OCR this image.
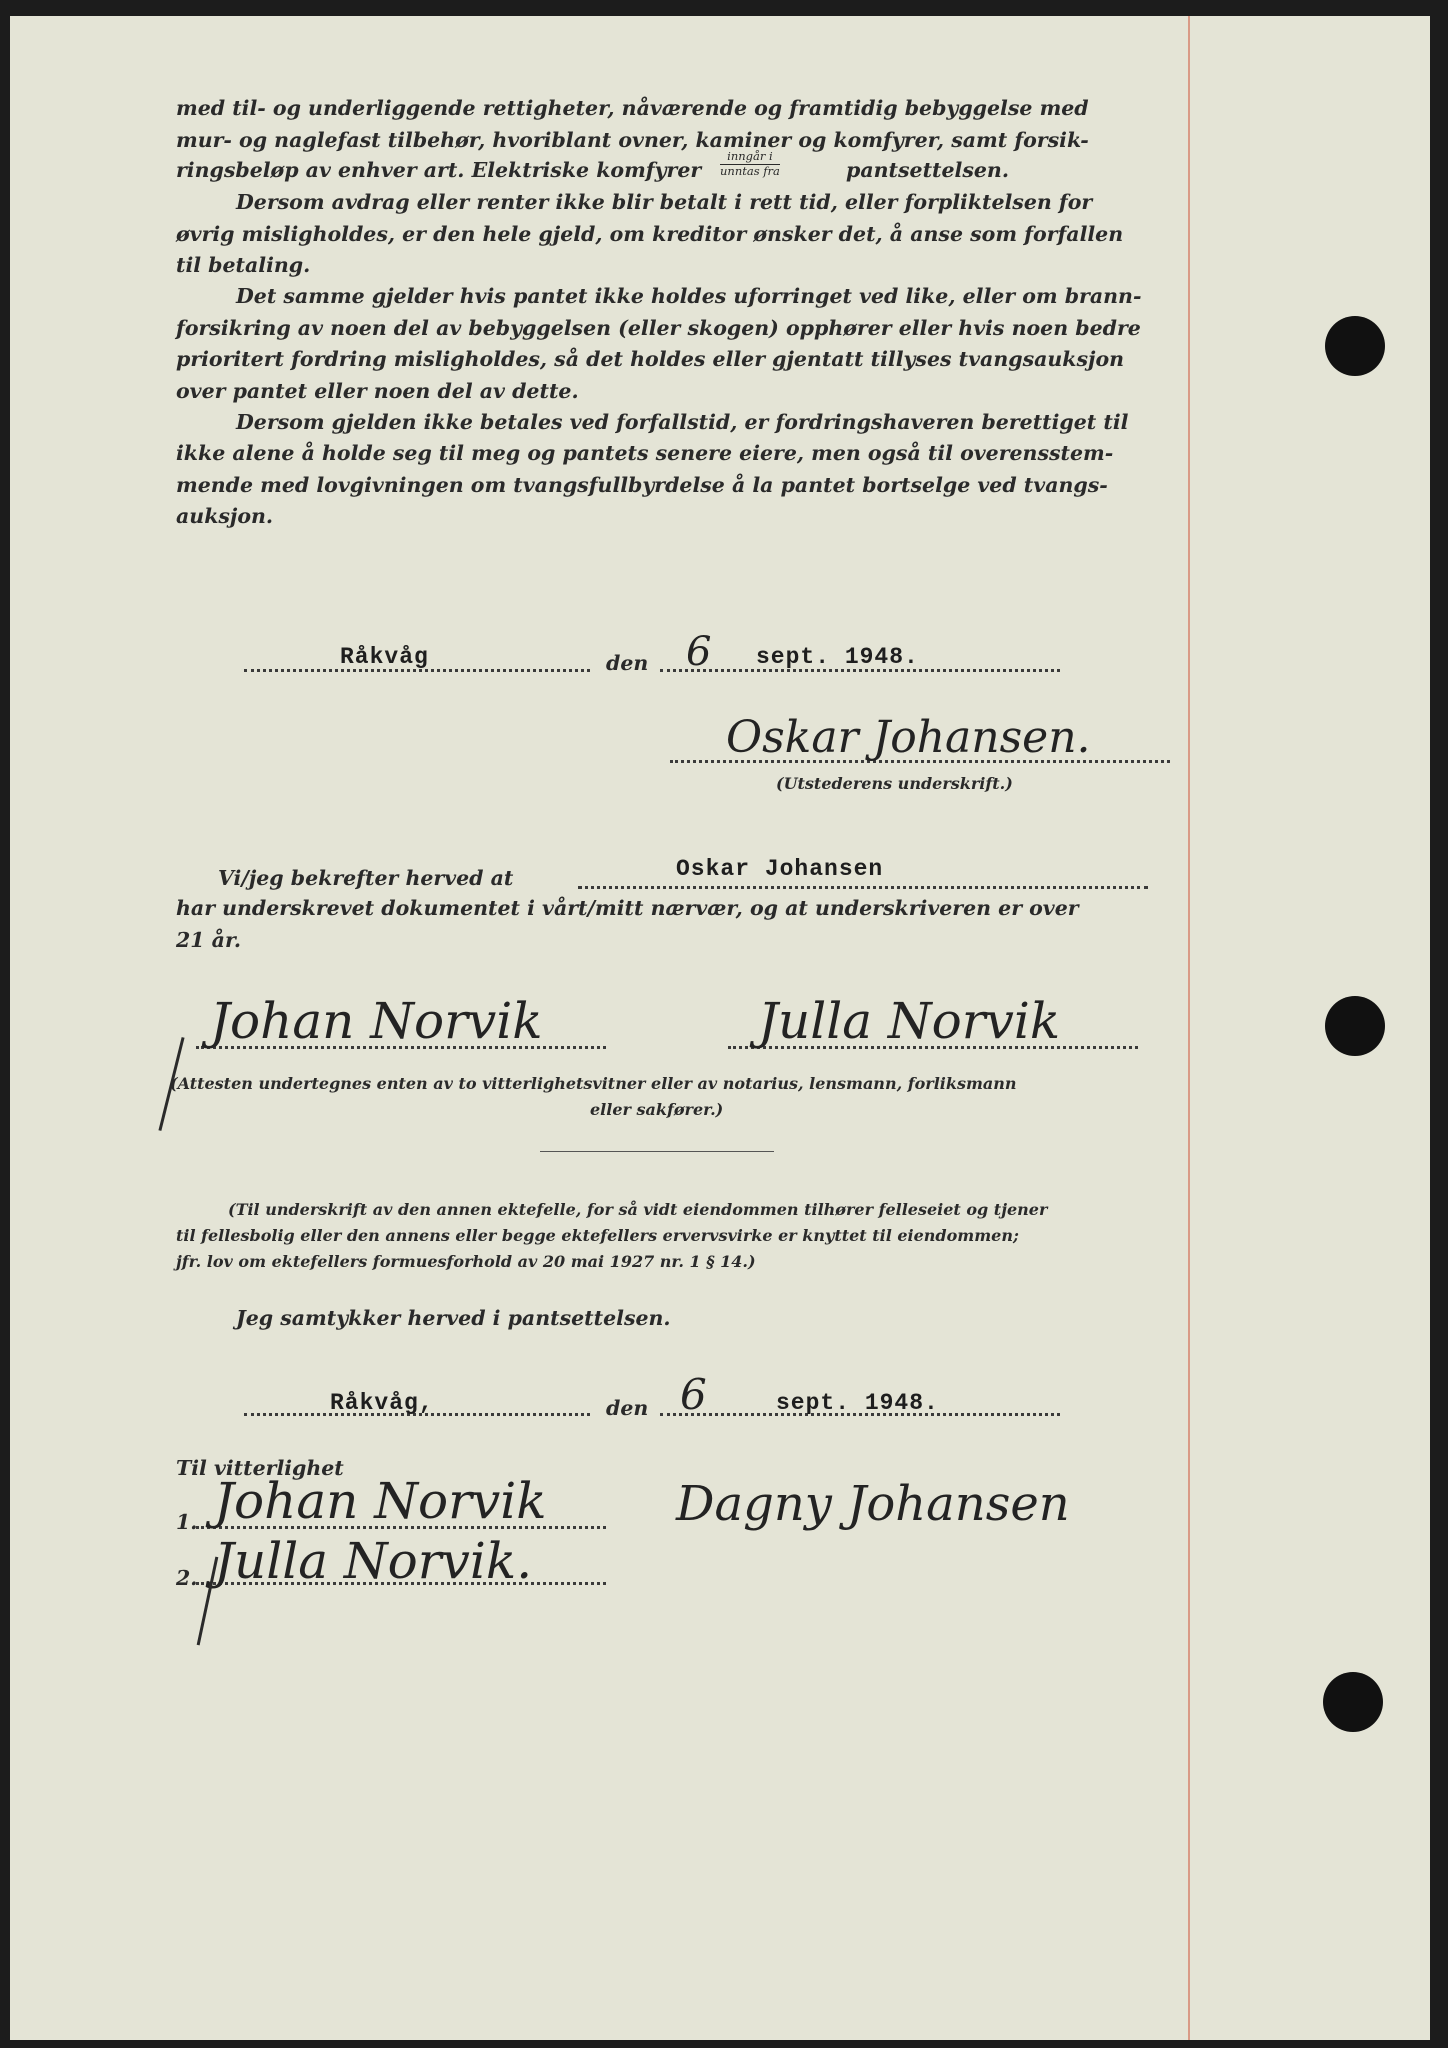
med til- og underliggende rettigheter, nåværende og framtidig bebyggelse med
mur- og naglefast tilbehør, hvoriblant ovner, kaminer og komfyrer, samt forsik-
ringsbeløp av enhver art. Elektriske komfyrer
inngår i
unntas fra	pantsettelsen.
Dersom avdrag eller renter ikke blir betalt i rett tid, eller forpliktelsen for
øvrig misligholdes, er den hele gjeld, om kreditor ønsker det, å anse som forfallen
til betaling.
Det samme gjelder hvis pantet ikke holdes uforringet ved like, eller om brann-
forsikring av noen del av bebyggelsen (eller skogen) opphører eller hvis noen bedre
prioritert fordring misligholdes, så det holdes eller gjentatt tillyses tvangsauksjon
over pantet eller noen del av dette.
Dersom gjelden ikke betales ved forfallstid, er fordringshaveren berettiget til
ikke alene å holde seg til meg og pantets senere eiere, men også til overensstem-
mende med lovgivningen om tvangsfullbyrdelse å la pantet bortselge ved tvangs-
auksjon.
Råkvåg	den 6 sept. 1948.
Oskar Johansen.
(Utstederens underskrift.)
Vi/jeg bekrefter herved at	Oskar Johansen
har underskrevet dokumentet i vårt/mitt nærvær, og at underskriveren er over
21 år.
Johan Norvik	Julla Norvik
(Attesten undertegnes enten av to vitterlighetsvitner eller av notarius, lensmann, forliksmann
eller sakfører.)
(Til underskrift av den annen ektefelle, for så vidt eiendommen tilhører felleseiet og tjener
til fellesbolig eller den annens eller begge ektefellers ervervsvirke er knyttet til eiendommen;
jfr. lov om ektefellers formuesforhold av 20 mai 1927 nr. 1 § 14.)
Jeg samtykker herved i pantsettelsen.
Råkvåg,	den 6	sept. 1948.
Til vitterlighet
1. Johan Norvik
2. Julla Norvik.
Dagny Johansen
